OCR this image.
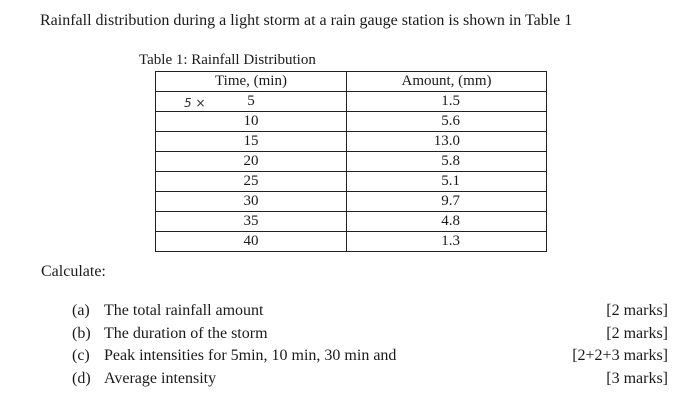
Rainfall distribution during a light storm at a rain gauge station is shown in Table 1
Table 1: Rainfall Distribution
Time, (min)	Amount, (mm)

5 × 5	1.5
10	5.6
15	13.0
20	5.8
25	5.1
30	9.7
35	4.8
40	1.3
Calculate:
(a) The total rainfall amount	[2 marks]
(b) The duration of the storm	[2 marks]
(c) Peak intensities for 5min, 10 min, 30 min and	[2+2+3 marks]
(d) Average intensity	[3 marks]
